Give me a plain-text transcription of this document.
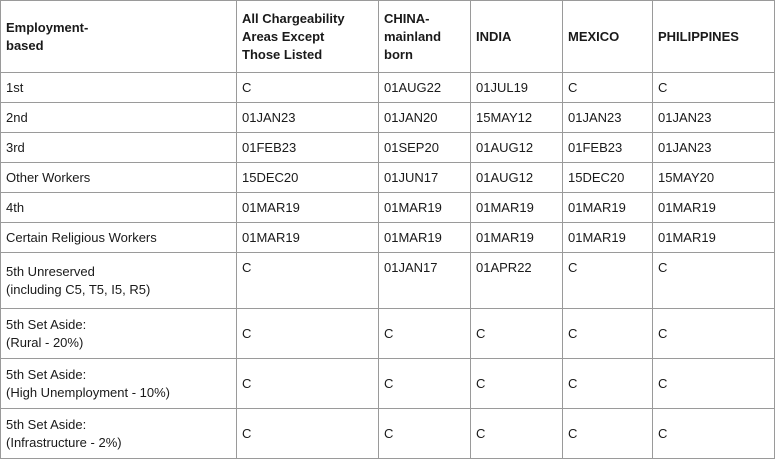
Employment-
based	All Chargeability
Areas Except
Those Listed	CHINA-
mainland
born	INDIA	MEXICO	PHILIPPINES

1st	C	01AUG22	01JUL19	C	C
2nd	01JAN23	01JAN20	15MAY12	01JAN23	01JAN23
3rd	01FEB23	01SEP20	01AUG12	01FEB23	01JAN23
Other Workers	15DEC20	01JUN17	01AUG12	15DEC20	15MAY20
4th	01MAR19	01MAR19	01MAR19	01MAR19	01MAR19
Certain Religious Workers	01MAR19	01MAR19	01MAR19	01MAR19	01MAR19

5th Unreserved
(including C5, T5, I5, R5)	C	01JAN17	01APR22	C	C

5th Set Aside:
(Rural - 20%)	C	C	C	C	C

5th Set Aside:
(High Unemployment - 10%)	C	C	C	C	C

5th Set Aside:
(Infrastructure - 2%)	C	C	C	C	C
